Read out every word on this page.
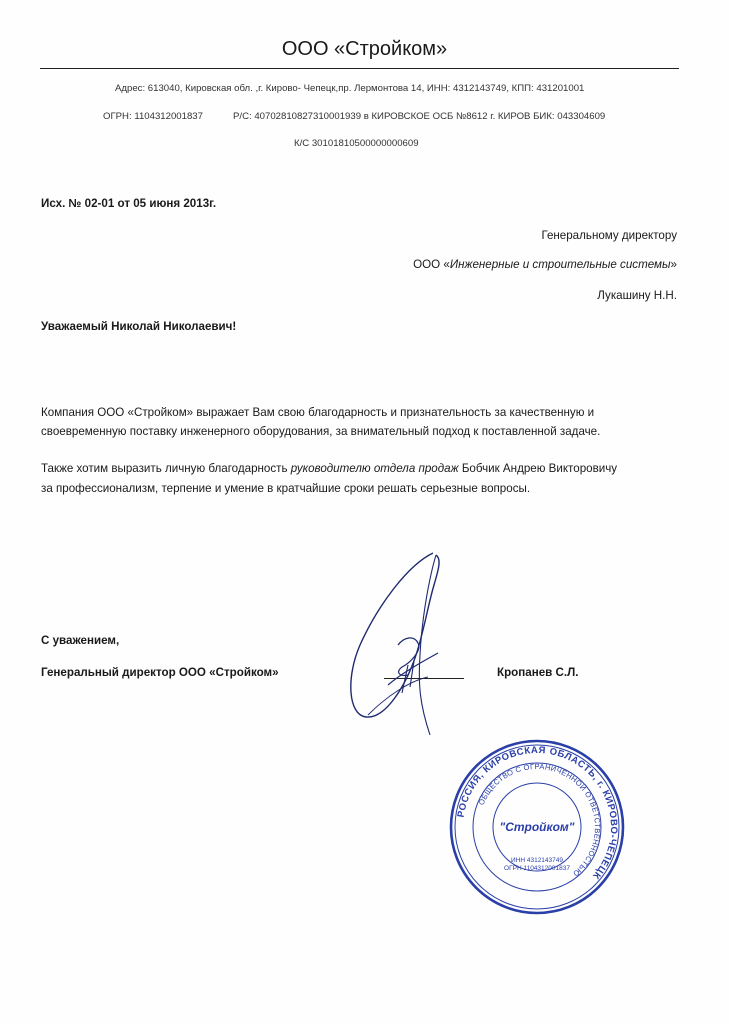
ООО «Стройком»
Адрес: 613040, Кировская обл. ,г. Кирово- Чепецк,пр. Лермонтова 14, ИНН: 4312143749, КПП: 431201001
ОГРН: 1104312001837	Р/С: 40702810827310001939 в КИРОВСКОЕ ОСБ №8612 г. КИРОВ БИК: 043304609
К/С 30101810500000000609
Исх. № 02-01 от 05 июня 2013г.
Генеральному директору
ООО «Инженерные и строительные системы»
Лукашину Н.Н.
Уважаемый Николай Николаевич!
Компания ООО «Стройком» выражает Вам свою благодарность и признательность за качественную и
своевременную поставку инженерного оборудования, за внимательный подход к поставленной задаче.
Также хотим выразить личную благодарность руководителю отдела продаж Бобчик Андрею Викторовичу
за профессионализм, терпение и умение в кратчайшие сроки решать серьезные вопросы.
С уважением,
Генеральный директор ООО «Стройком»	Кропанев С.Л.
РОССИЯ, КИРОВСКАЯ ОБЛАСТЬ, г. КИРОВО-ЧЕПЕЦК
ОБЩЕСТВО С ОГРАНИЧЕННОЙ ОТВЕТСТВЕННОСТЬЮ
"Стройком"
ИНН 4312143749
ОГРН 1104312001837
